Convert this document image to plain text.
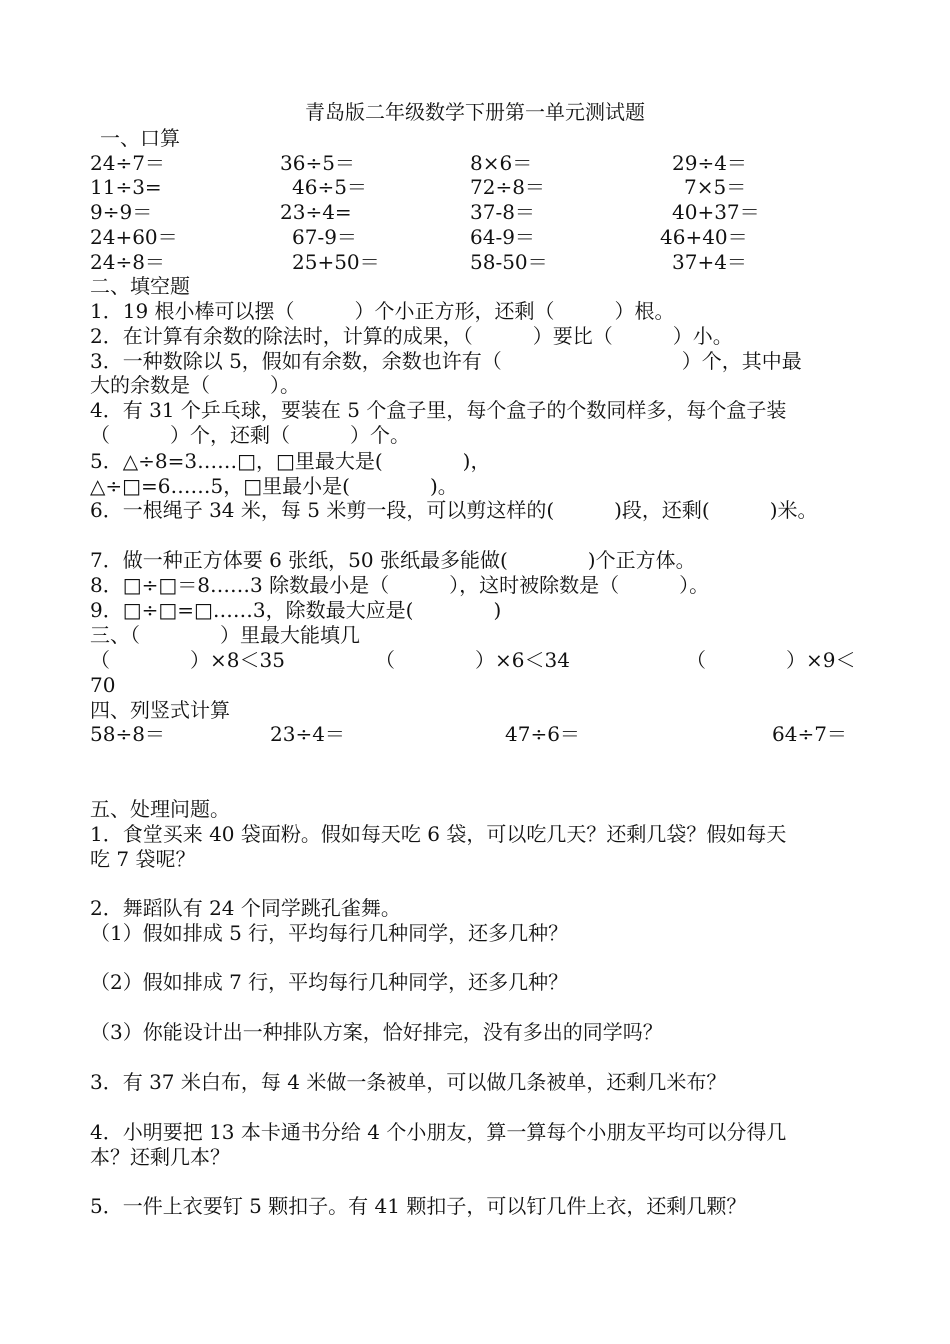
青岛版二年级数学下册第一单元测试题
一、口算
24÷7＝	36÷5＝	8×6＝	29÷4＝
11÷3=	46÷5＝	72÷8＝	7×5＝
9÷9＝	23÷4=	37-8＝	40+37＝
24+60＝	67-9＝	64-9＝	46+40＝
24÷8＝	25+50＝	58-50＝	37+4＝
二、填空题
1．19 根小棒可以摆（　　　）个小正方形，还剩（　　　）根。
2．在计算有余数的除法时，计算的成果，（　　　）要比（　　　）小。
3．一种数除以 5，假如有余数，余数也许有（　　　　　　　　　）个，其中最
大的余数是（　　　）。
4．有 31 个乒乓球，要装在 5 个盒子里，每个盒子的个数同样多，每个盒子装
（　　　）个，还剩（　　　）个。
5．△÷8=3……□，□里最大是(　　　　)，
△÷□=6……5，□里最小是(　　　　)。
6．一根绳子 34 米，每 5 米剪一段，可以剪这样的(　　　)段，还剩(　　　)米。
7．做一种正方体要 6 张纸，50 张纸最多能做(　　　　)个正方体。
8．□÷□＝8……3 除数最小是（　　　），这时被除数是（　　　）。
9．□÷□=□……3，除数最大应是(　　　　)
三、（　　　　）里最大能填几
（　　　　）×8＜35	（　　　　）×6＜34	（　　　　）×9＜
70
四、列竖式计算
58÷8＝	23÷4＝	47÷6＝	64÷7＝
五、处理问题。
1．食堂买来 40 袋面粉。假如每天吃 6 袋，可以吃几天？还剩几袋？假如每天
吃 7 袋呢？
2．舞蹈队有 24 个同学跳孔雀舞。
（1）假如排成 5 行，平均每行几种同学，还多几种？
（2）假如排成 7 行，平均每行几种同学，还多几种？
（3）你能设计出一种排队方案，恰好排完，没有多出的同学吗？
3．有 37 米白布，每 4 米做一条被单，可以做几条被单，还剩几米布？
4．小明要把 13 本卡通书分给 4 个小朋友，算一算每个小朋友平均可以分得几
本？还剩几本？
5．一件上衣要钉 5 颗扣子。有 41 颗扣子，可以钉几件上衣，还剩几颗？
